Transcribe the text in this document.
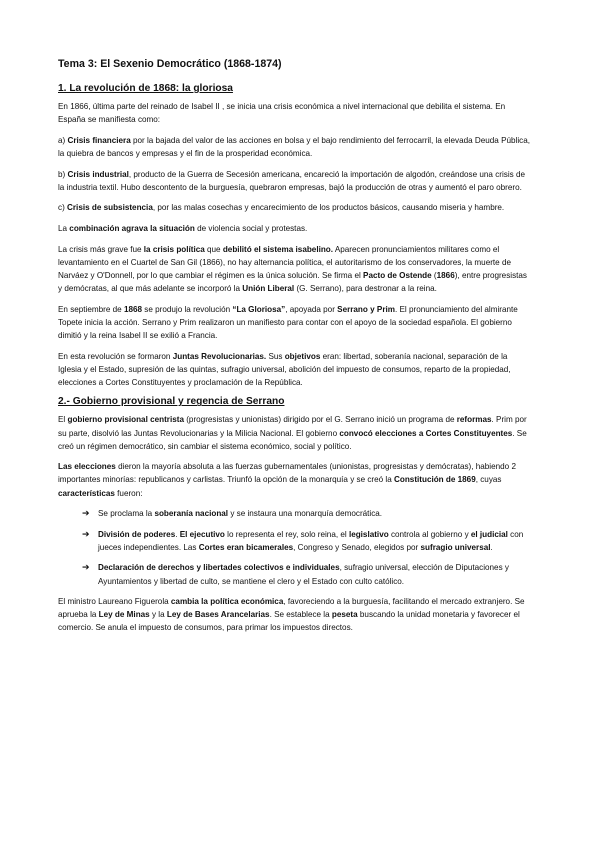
Tema 3: El Sexenio Democrático (1868-1874)
1. La revolución de 1868: la gloriosa

En 1866, última parte del reinado de Isabel II , se inicia una crisis económica a nivel internacional que debilita el sistema. En España se manifiesta como:

a) Crisis financiera por la bajada del valor de las acciones en bolsa y el bajo rendimiento del ferrocarril, la elevada Deuda Pública, la quiebra de bancos y empresas y el fin de la prosperidad económica.

b) Crisis industrial, producto de la Guerra de Secesión americana, encareció la importación de algodón, creándose una crisis de la industria textil. Hubo descontento de la burguesía, quebraron empresas, bajó la producción de otras y aumentó el paro obrero.

c) Crisis de subsistencia, por las malas cosechas y encarecimiento de los productos básicos, causando miseria y hambre.

La combinación agrava la situación de violencia social y protestas.

La crisis más grave fue la crisis política que debilitó el sistema isabelino. Aparecen pronunciamientos militares como el levantamiento en el Cuartel de San Gil (1866), no hay alternancia política, el autoritarismo de los conservadores, la muerte de Narváez y O'Donnell, por lo que cambiar el régimen es la única solución. Se firma el Pacto de Ostende (1866), entre progresistas y demócratas, al que más adelante se incorporó la Unión Liberal (G. Serrano), para destronar a la reina.

En septiembre de 1868 se produjo la revolución “La Gloriosa”, apoyada por Serrano y Prim. El pronunciamiento del almirante Topete inicia la acción. Serrano y Prim realizaron un manifiesto para contar con el apoyo de la sociedad española. El gobierno dimitió y la reina Isabel II se exilió a Francia.

En esta revolución se formaron Juntas Revolucionarias. Sus objetivos eran: libertad, soberanía nacional, separación de la Iglesia y el Estado, supresión de las quintas, sufragio universal, abolición del impuesto de consumos, reparto de la propiedad, elecciones a Cortes Constituyentes y proclamación de la República.

2.- Gobierno provisional y regencia de Serrano

El gobierno provisional centrista (progresistas y unionistas) dirigido por el G. Serrano inició un programa de reformas. Prim por su parte, disolvió las Juntas Revolucionarias y la Milicia Nacional. El gobierno convocó elecciones a Cortes Constituyentes. Se creó un régimen democrático, sin cambiar el sistema económico, social y político.

Las elecciones dieron la mayoría absoluta a las fuerzas gubernamentales (unionistas, progresistas y demócratas), habiendo 2 importantes minorías: republicanos y carlistas. Triunfó la opción de la monarquía y se creó la Constitución de 1869, cuyas características fueron:

➔ Se proclama la soberanía nacional y se instaura una monarquía democrática.
➔ División de poderes. El ejecutivo lo representa el rey, solo reina, el legislativo controla al gobierno y el judicial con jueces independientes. Las Cortes eran bicamerales, Congreso y Senado, elegidos por sufragio universal.
➔ Declaración de derechos y libertades colectivos e individuales, sufragio universal, elección de Diputaciones y Ayuntamientos y libertad de culto, se mantiene el clero y el Estado con culto católico.

El ministro Laureano Figuerola cambia la política económica, favoreciendo a la burguesía, facilitando el mercado extranjero. Se aprueba la Ley de Minas y la Ley de Bases Arancelarias. Se establece la peseta buscando la unidad monetaria y favorecer el comercio. Se anula el impuesto de consumos, para primar los impuestos directos.
